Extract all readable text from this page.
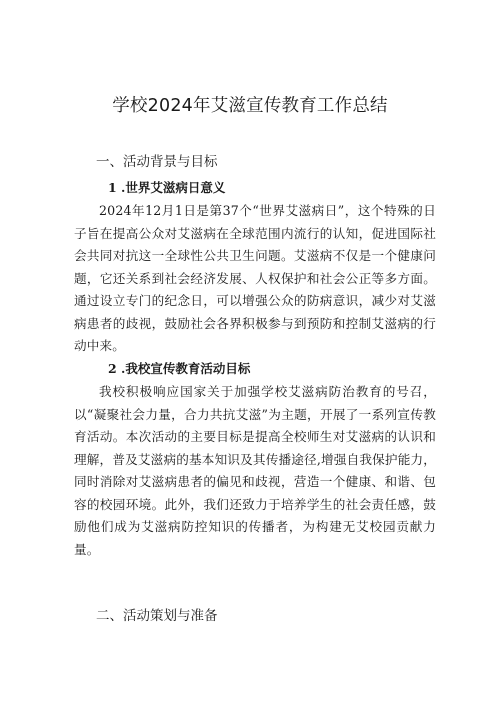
学校2024年艾滋宣传教育工作总结
一、活动背景与目标
1 .世界艾滋病日意义

2024年12月1日是第37个“世界艾滋病日”，这个特殊的日子旨在提高公众对艾滋病在全球范围内流行的认知，促进国际社会共同对抗这一全球性公共卫生问题。艾滋病不仅是一个健康问题，它还关系到社会经济发展、人权保护和社会公正等多方面。通过设立专门的纪念日，可以增强公众的防病意识，减少对艾滋病患者的歧视，鼓励社会各界积极参与到预防和控制艾滋病的行动中来。

2 .我校宣传教育活动目标

我校积极响应国家关于加强学校艾滋病防治教育的号召，以“凝聚社会力量，合力共抗艾滋”为主题，开展了一系列宣传教育活动。本次活动的主要目标是提高全校师生对艾滋病的认识和理解，普及艾滋病的基本知识及其传播途径,增强自我保护能力，同时消除对艾滋病患者的偏见和歧视，营造一个健康、和谐、包容的校园环境。此外，我们还致力于培养学生的社会责任感，鼓励他们成为艾滋病防控知识的传播者，为构建无艾校园贡献力量。

二、活动策划与准备
